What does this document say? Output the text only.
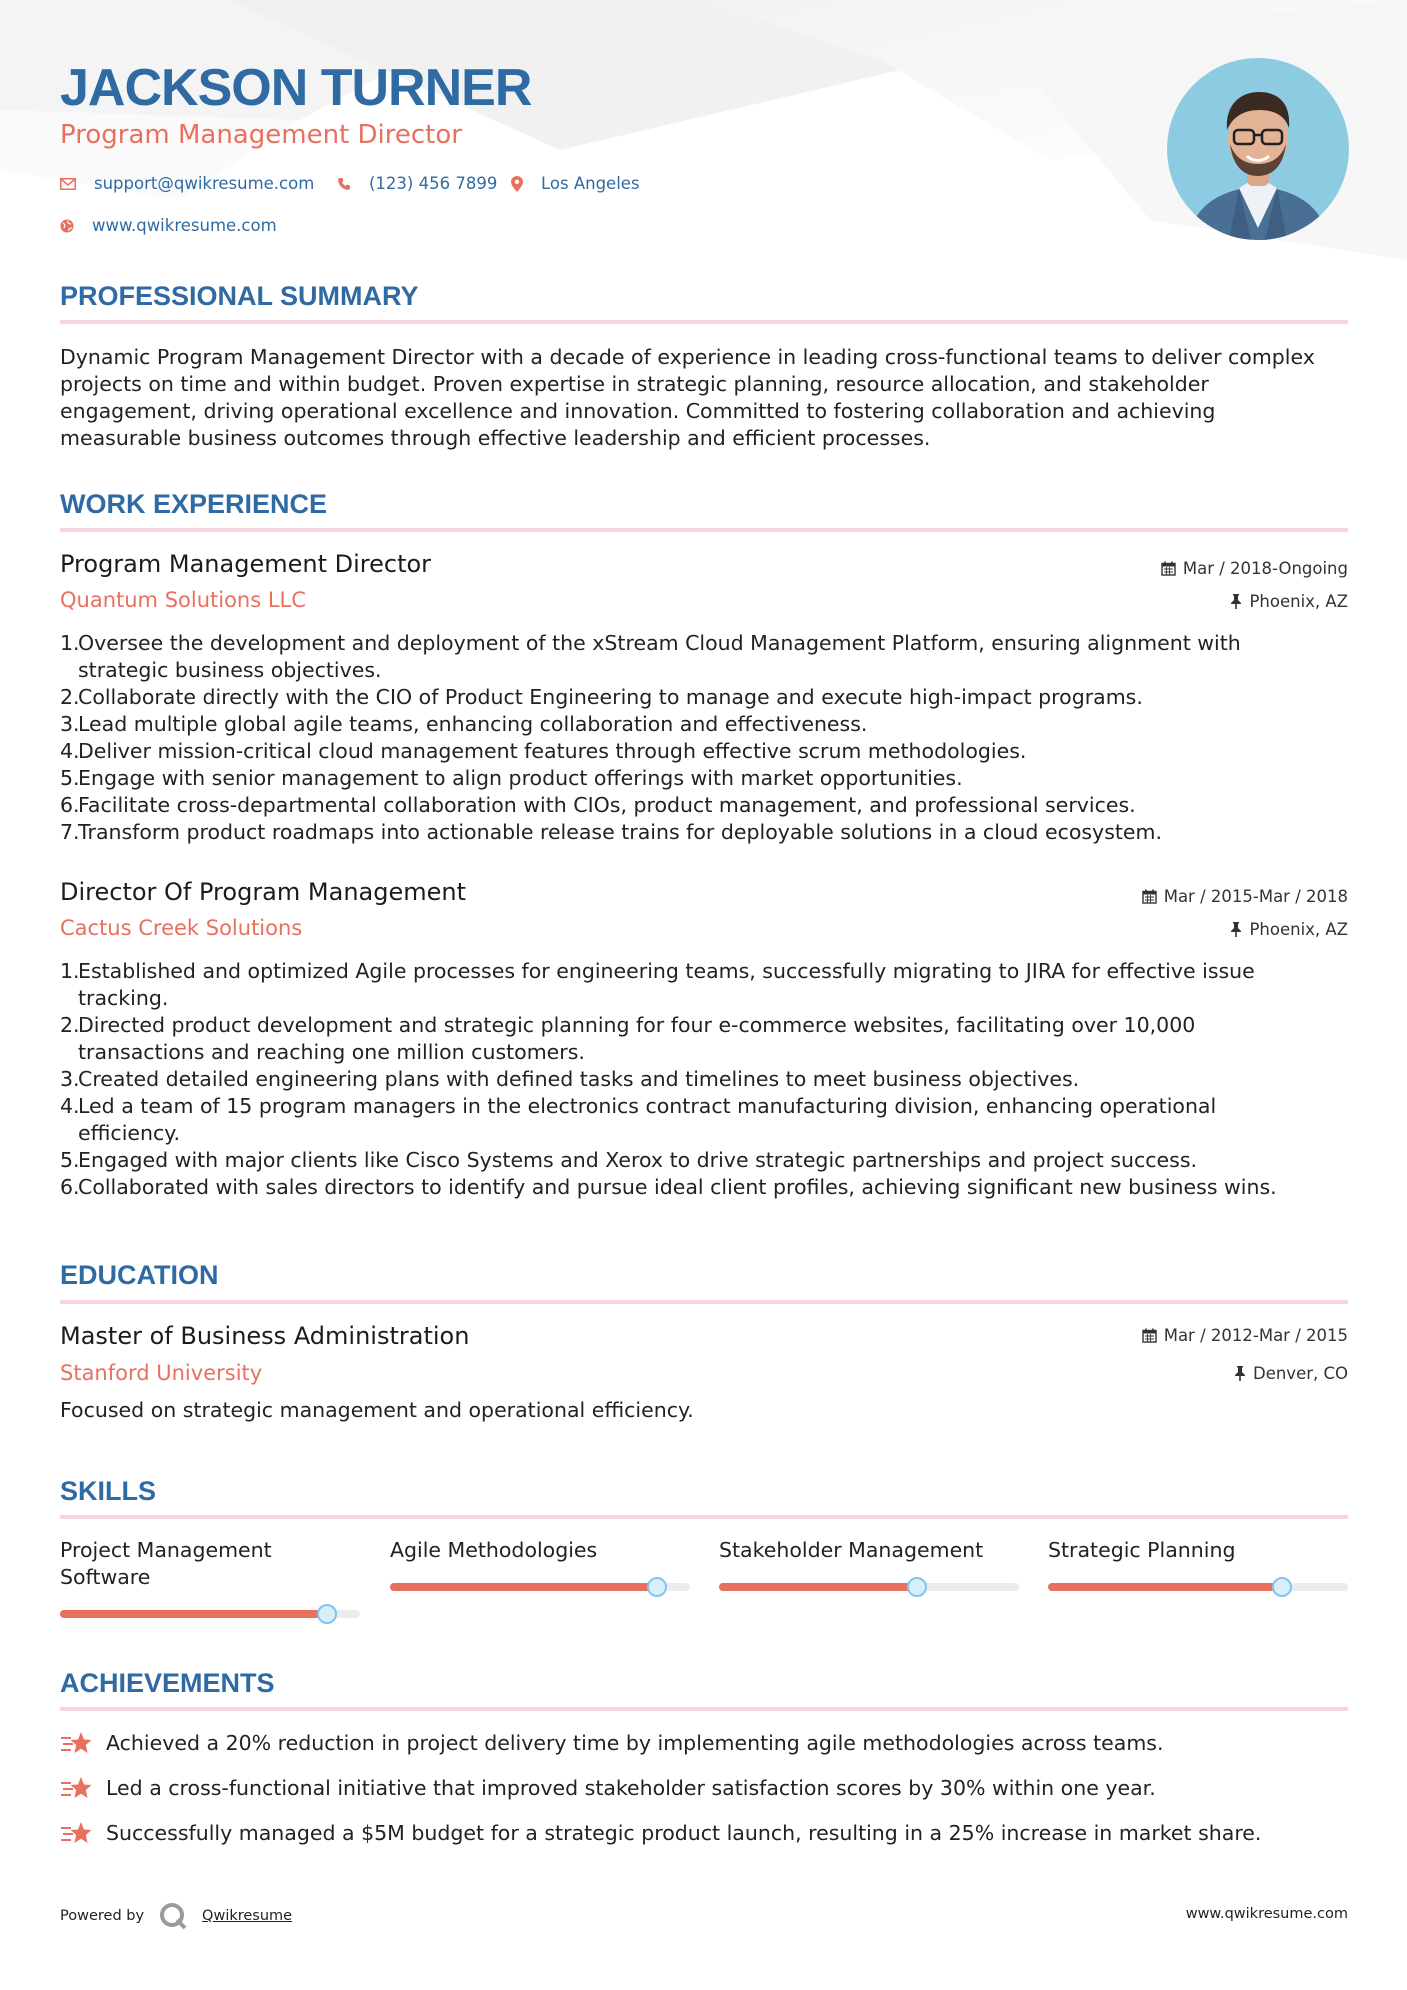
JACKSON TURNER
Program Management Director
support@qwikresume.com	(123) 456 7899	Los Angeles
www.qwikresume.com
PROFESSIONAL SUMMARY
Dynamic Program Management Director with a decade of experience in leading cross-functional teams to deliver complex
projects on time and within budget. Proven expertise in strategic planning, resource allocation, and stakeholder
engagement, driving operational excellence and innovation. Committed to fostering collaboration and achieving
measurable business outcomes through effective leadership and efficient processes.
WORK EXPERIENCE
Program Management Director
Quantum Solutions LLC
Mar / 2018-Ongoing
Phoenix, AZ
1.
Oversee the development and deployment of the xStream Cloud Management Platform, ensuring alignment with
strategic business objectives.
2.
Collaborate directly with the CIO of Product Engineering to manage and execute high-impact programs.
3.
Lead multiple global agile teams, enhancing collaboration and effectiveness.
4.
Deliver mission-critical cloud management features through effective scrum methodologies.
5.
Engage with senior management to align product offerings with market opportunities.
6.
Facilitate cross-departmental collaboration with CIOs, product management, and professional services.
7.
Transform product roadmaps into actionable release trains for deployable solutions in a cloud ecosystem.
Director Of Program Management
Cactus Creek Solutions
Mar / 2015-Mar / 2018
Phoenix, AZ
1.
Established and optimized Agile processes for engineering teams, successfully migrating to JIRA for effective issue
tracking.
2.
Directed product development and strategic planning for four e-commerce websites, facilitating over 10,000
transactions and reaching one million customers.
3.
Created detailed engineering plans with defined tasks and timelines to meet business objectives.
4.
Led a team of 15 program managers in the electronics contract manufacturing division, enhancing operational
efficiency.
5.
Engaged with major clients like Cisco Systems and Xerox to drive strategic partnerships and project success.
6.
Collaborated with sales directors to identify and pursue ideal client profiles, achieving significant new business wins.
EDUCATION
Master of Business Administration
Stanford University
Mar / 2012-Mar / 2015
Denver, CO
Focused on strategic management and operational efficiency.
SKILLS
Project Management
Software
Agile Methodologies	Stakeholder Management	Strategic Planning
ACHIEVEMENTS
Achieved a 20% reduction in project delivery time by implementing agile methodologies across teams.
Led a cross-functional initiative that improved stakeholder satisfaction scores by 30% within one year.
Successfully managed a $5M budget for a strategic product launch, resulting in a 25% increase in market share.
Powered by	Qwikresume	www.qwikresume.com
